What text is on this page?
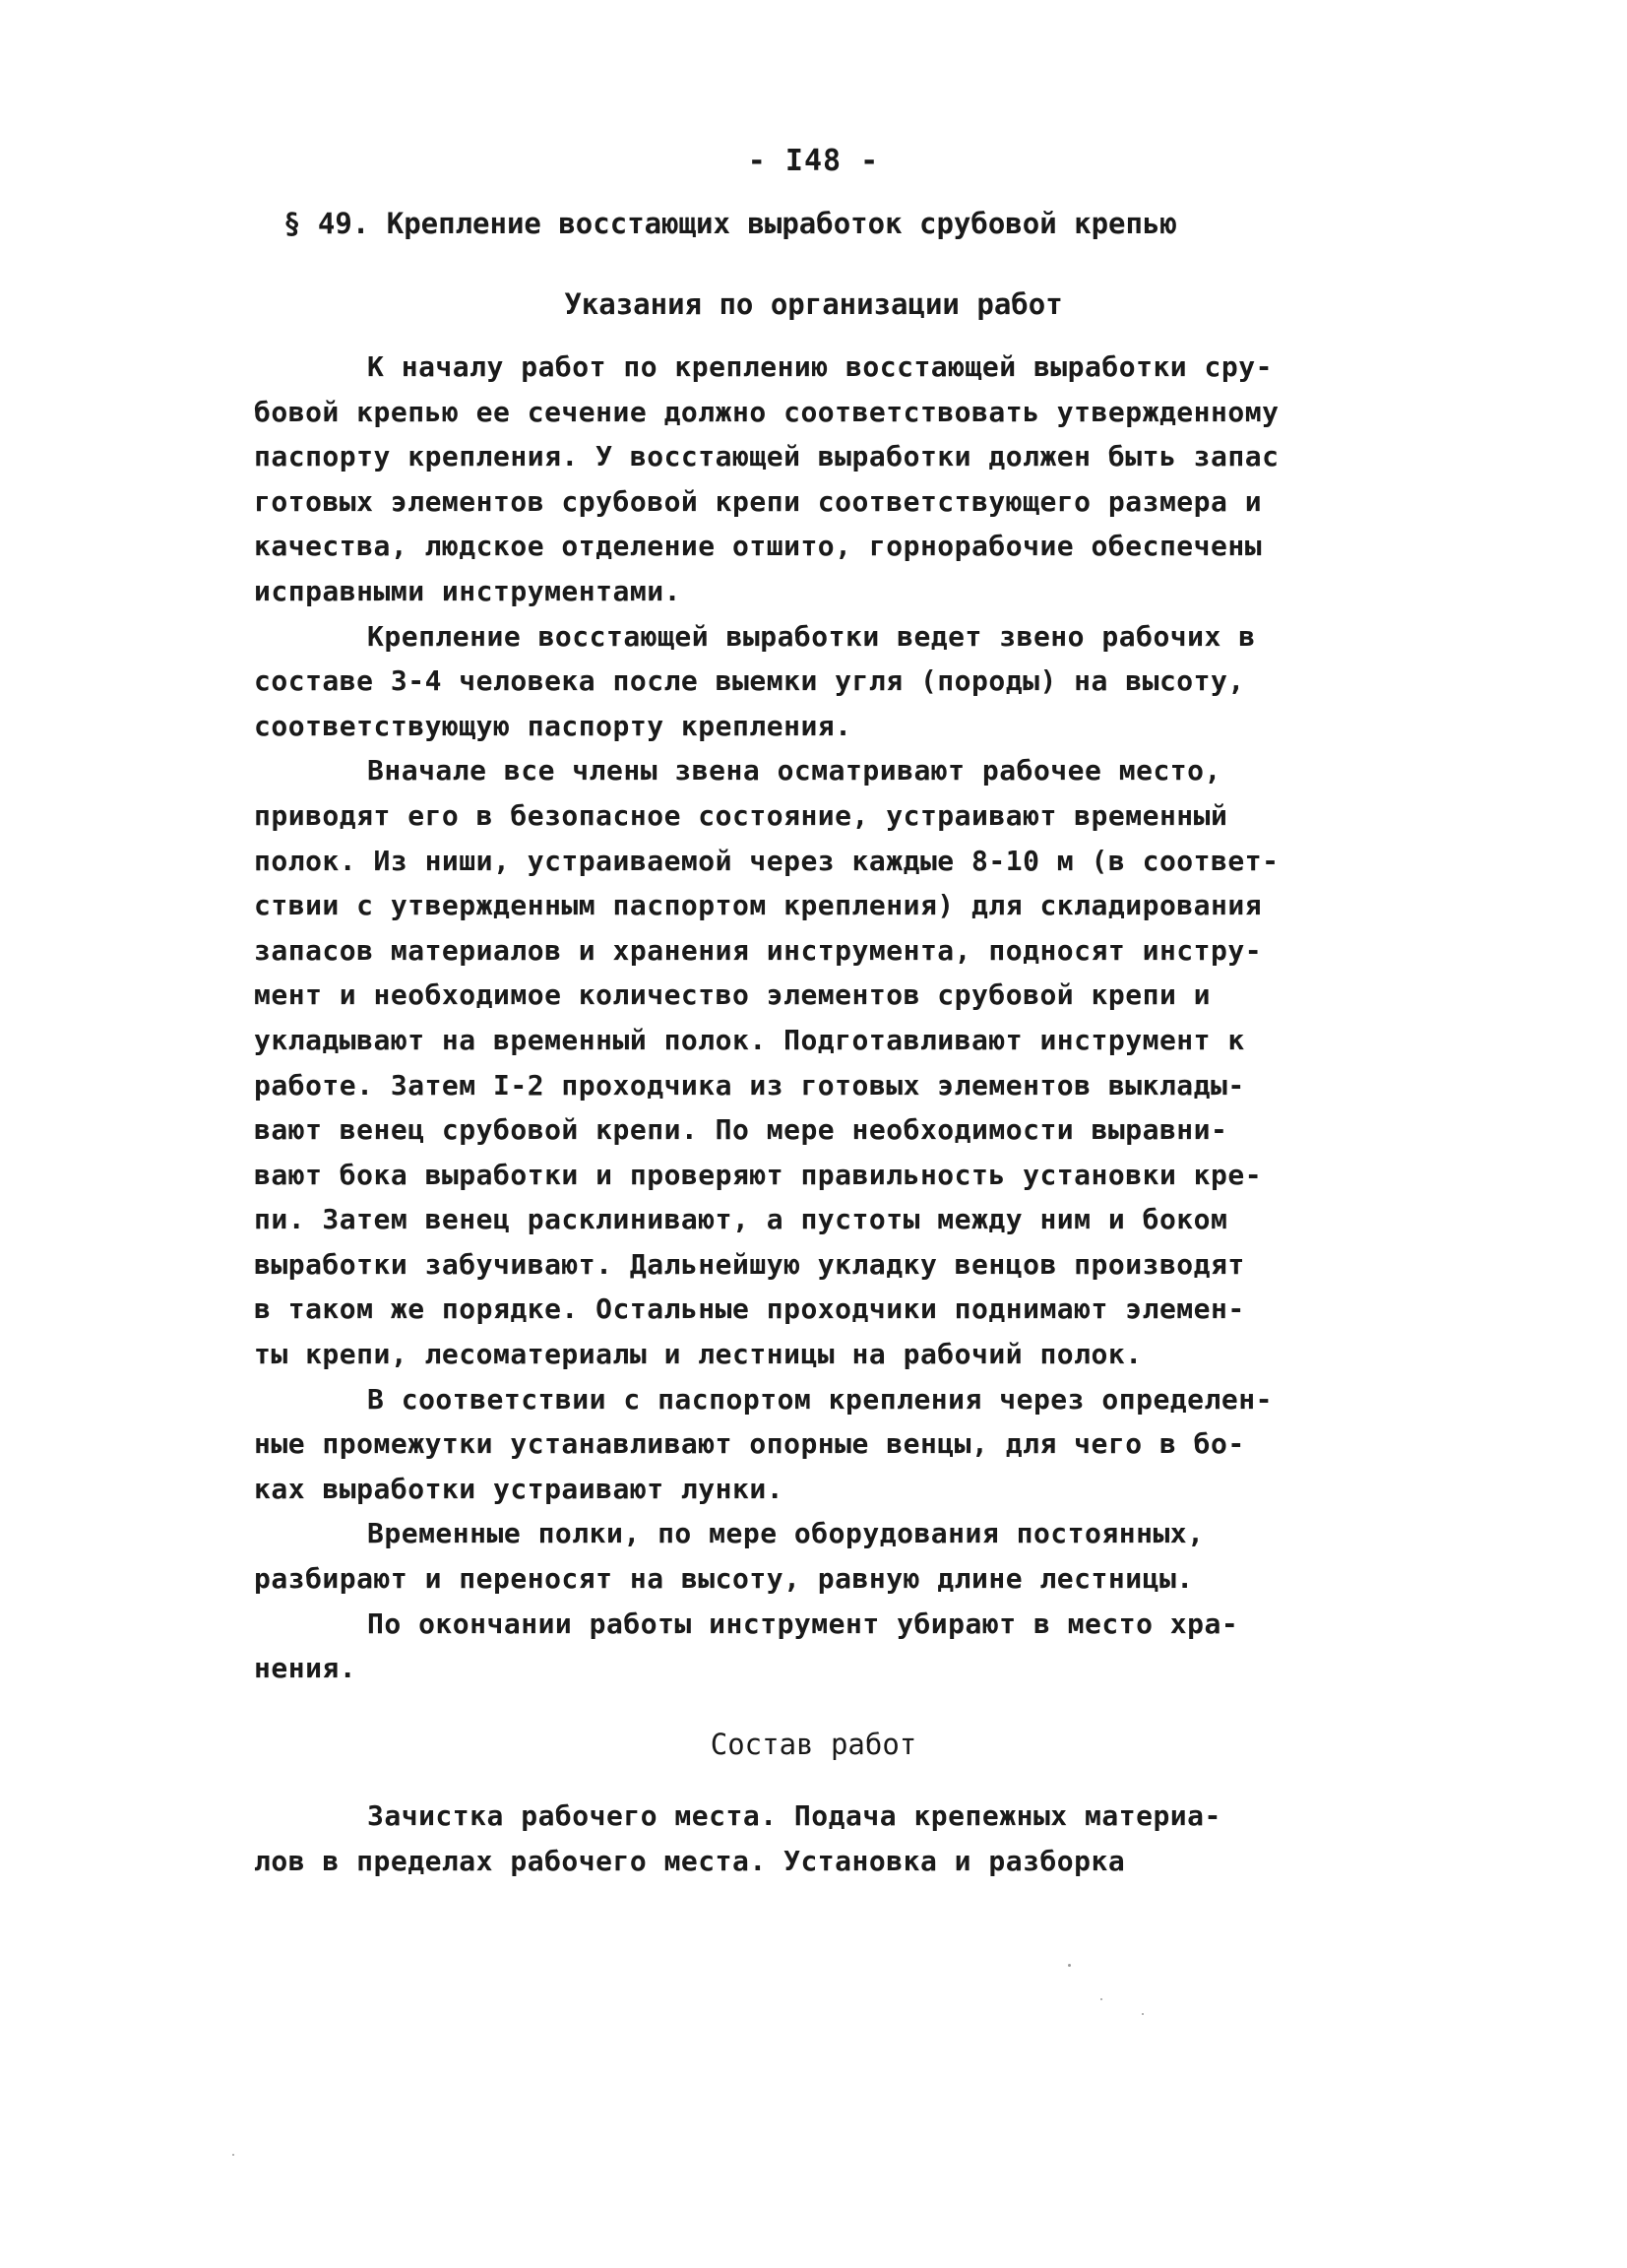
- I48 -
§ 49. Крепление восстающих выработок срубовой крепью
Указания по организации работ
К началу работ по креплению восстающей выработки сру-
бовой крепью ее сечение должно соответствовать утвержденному
паспорту крепления. У восстающей выработки должен быть запас
готовых элементов срубовой крепи соответствующего размера и
качества, людское отделение отшито, горнорабочие обеспечены
исправными инструментами.
Крепление восстающей выработки ведет звено рабочих в
составе 3-4 человека после выемки угля (породы) на высоту,
соответствующую паспорту крепления.
Вначале все члены звена осматривают рабочее место,
приводят его в безопасное состояние, устраивают временный
полок. Из ниши, устраиваемой через каждые 8-10 м (в соответ-
ствии с утвержденным паспортом крепления) для складирования
запасов материалов и хранения инструмента, подносят инстру-
мент и необходимое количество элементов срубовой крепи и
укладывают на временный полок. Подготавливают инструмент к
работе. Затем I-2 проходчика из готовых элементов выклады-
вают венец срубовой крепи. По мере необходимости выравни-
вают бока выработки и проверяют правильность установки кре-
пи. Затем венец расклинивают, а пустоты между ним и боком
выработки забучивают. Дальнейшую укладку венцов производят
в таком же порядке. Остальные проходчики поднимают элемен-
ты крепи, лесоматериалы и лестницы на рабочий полок.
В соответствии с паспортом крепления через определен-
ные промежутки устанавливают опорные венцы, для чего в бо-
ках выработки устраивают лунки.
Временные полки, по мере оборудования постоянных,
разбирают и переносят на высоту, равную длине лестницы.
По окончании работы инструмент убирают в место хра-
нения.
Состав работ
Зачистка рабочего места. Подача крепежных материа-
лов в пределах рабочего места. Установка и разборка
